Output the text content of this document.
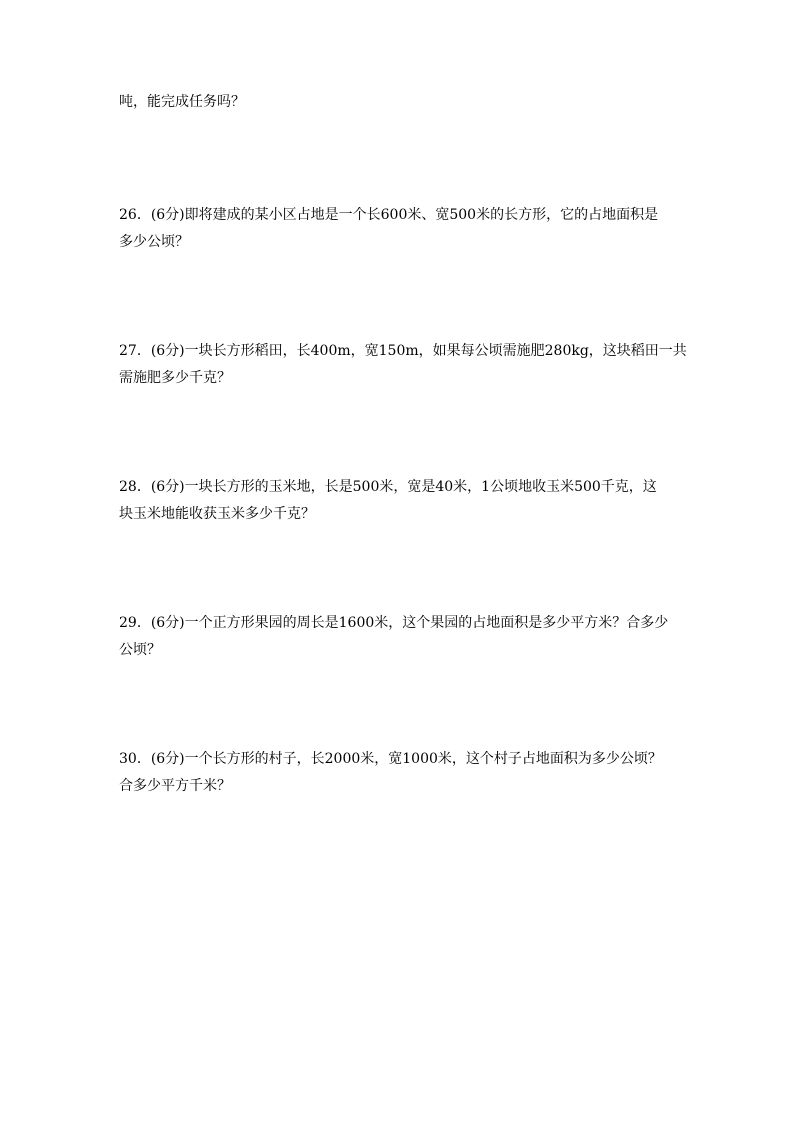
吨，能完成任务吗？
26．(6分)即将建成的某小区占地是一个长600米、宽500米的长方形，它的占地面积是
多少公顷？
27．(6分)一块长方形稻田，长400m，宽150m，如果每公顷需施肥280kg，这块稻田一共
需施肥多少千克？
28．(6分)一块长方形的玉米地，长是500米，宽是40米，1公顷地收玉米500千克，这
块玉米地能收获玉米多少千克？
29．(6分)一个正方形果园的周长是1600米，这个果园的占地面积是多少平方米？合多少
公顷？
30．(6分)一个长方形的村子，长2000米，宽1000米，这个村子占地面积为多少公顷？
合多少平方千米？
